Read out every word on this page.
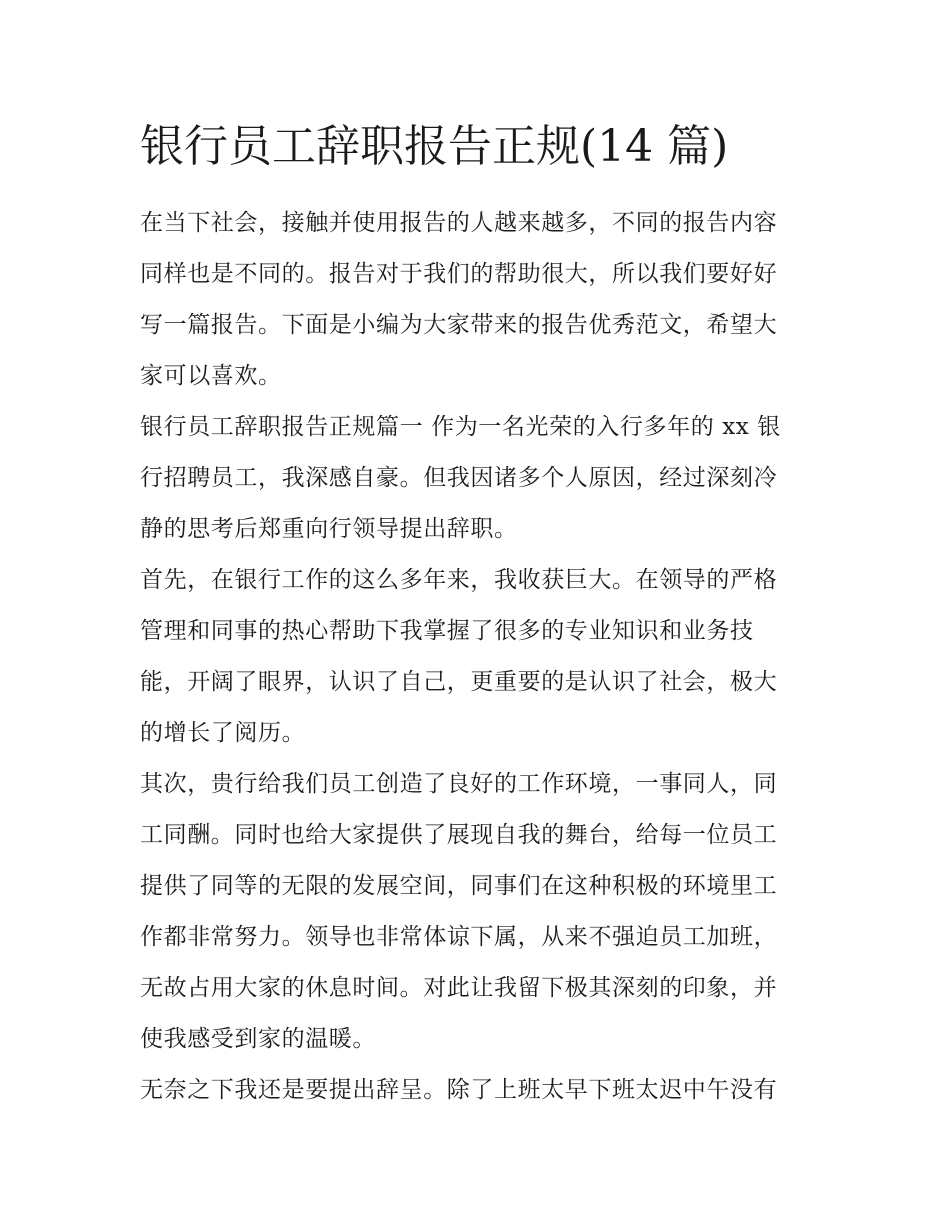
银行员工辞职报告正规(14 篇)

在当下社会，接触并使用报告的人越来越多，不同的报告内容
同样也是不同的。报告对于我们的帮助很大，所以我们要好好
写一篇报告。下面是小编为大家带来的报告优秀范文，希望大
家可以喜欢。

银行员工辞职报告正规篇一 作为一名光荣的入行多年的 xx 银
行招聘员工，我深感自豪。但我因诸多个人原因，经过深刻冷
静的思考后郑重向行领导提出辞职。

首先，在银行工作的这么多年来，我收获巨大。在领导的严格
管理和同事的热心帮助下我掌握了很多的专业知识和业务技
能，开阔了眼界，认识了自己，更重要的是认识了社会，极大
的增长了阅历。

其次，贵行给我们员工创造了良好的工作环境，一事同人，同
工同酬。同时也给大家提供了展现自我的舞台，给每一位员工
提供了同等的无限的发展空间，同事们在这种积极的环境里工
作都非常努力。领导也非常体谅下属，从来不强迫员工加班，
无故占用大家的休息时间。对此让我留下极其深刻的印象，并
使我感受到家的温暖。

无奈之下我还是要提出辞呈。除了上班太早下班太迟中午没有
